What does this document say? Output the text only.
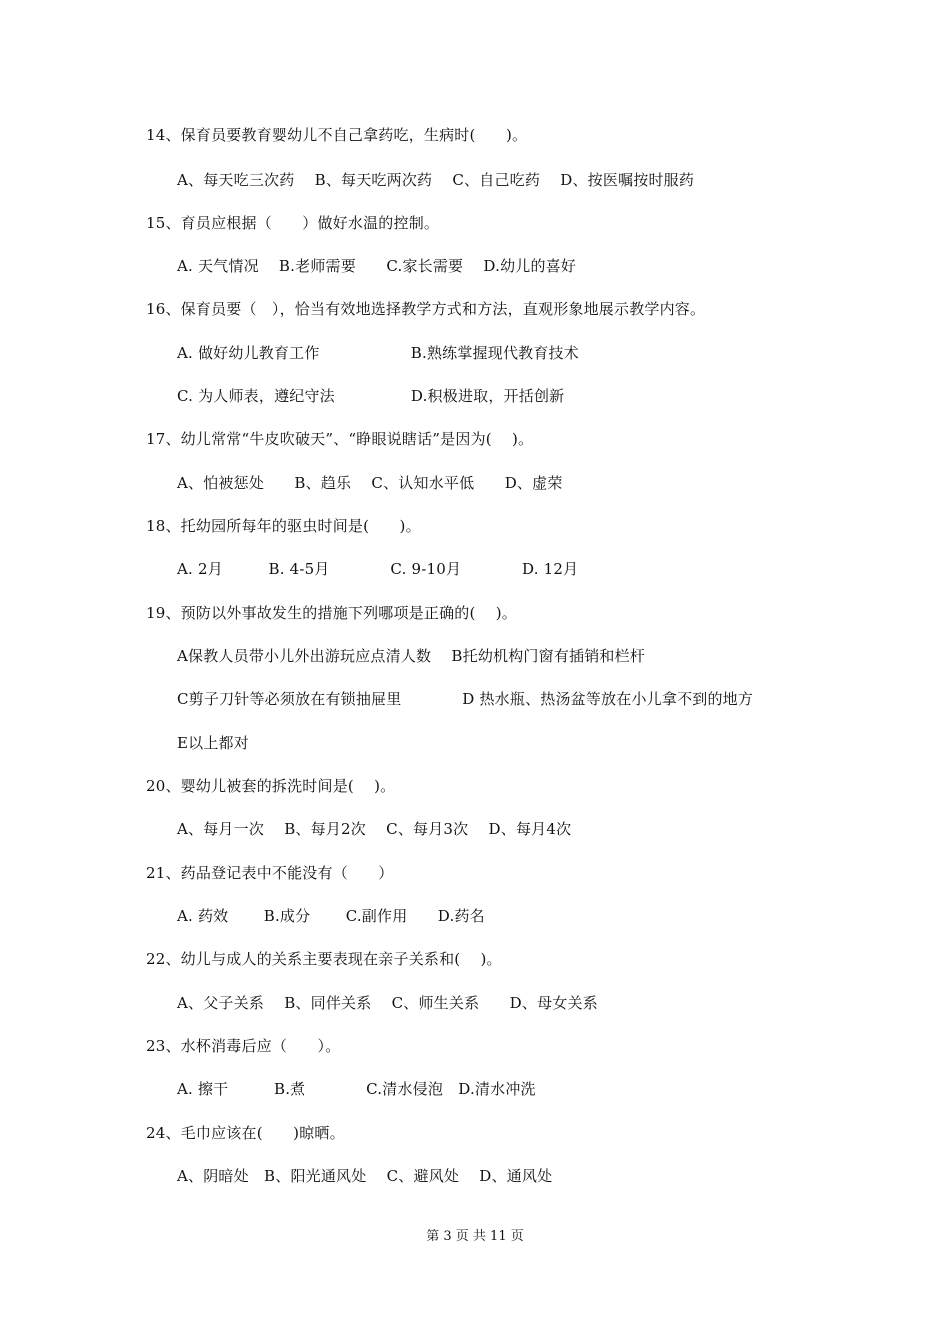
14、保育员要教育婴幼儿不自己拿药吃，生病时(　　)。
A、每天吃三次药　 B、每天吃两次药　 C、自己吃药　 D、按医嘱按时服药
15、育员应根据（　　）做好水温的控制。
A. 天气情况　 B.老师需要　　C.家长需要　 D.幼儿的喜好
16、保育员要（　），恰当有效地选择教学方式和方法，直观形象地展示教学内容。
A. 做好幼儿教育工作　　　　　　B.熟练掌握现代教育技术
C. 为人师表，遵纪守法　　　　　D.积极进取，开括创新
17、幼儿常常“牛皮吹破天”、“睁眼说瞎话”是因为(　 )。
A、怕被惩处　　B、趋乐　 C、认知水平低　　D、虚荣
18、托幼园所每年的驱虫时间是(　　)。
A. 2月　　　B. 4-5月　　　　C. 9-10月　　　　D. 12月
19、预防以外事故发生的措施下列哪项是正确的(　 )。
A保教人员带小儿外出游玩应点清人数　 B托幼机构门窗有插销和栏杆
C剪子刀针等必须放在有锁抽屉里　　　　D 热水瓶、热汤盆等放在小儿拿不到的地方
E以上都对
20、婴幼儿被套的拆洗时间是(　 )。
A、每月一次　 B、每月2次　 C、每月3次　 D、每月4次
21、药品登记表中不能没有（　　）
A. 药效　　 B.成分　　 C.副作用　　D.药名
22、幼儿与成人的关系主要表现在亲子关系和(　 )。
A、父子关系　 B、同伴关系　 C、师生关系　　D、母女关系
23、水杯消毒后应（　　）。
A. 擦干　　　B.煮　　　　C.清水侵泡　D.清水冲洗
24、毛巾应该在(　　)晾晒。
A、阴暗处　B、阳光通风处　 C、避风处　 D、通风处
第 3 页 共 11 页
